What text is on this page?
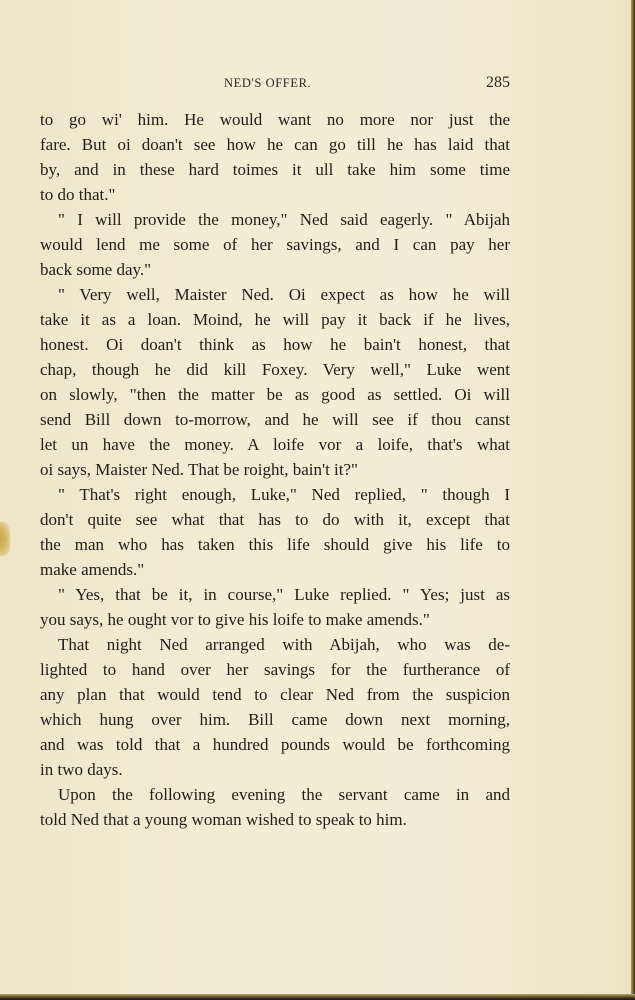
NED'S OFFER.	285
to go wi' him. He would want no more nor just the
fare. But oi doan't see how he can go till he has laid that
by, and in these hard toimes it ull take him some time
to do that."
" I will provide the money," Ned said eagerly. " Abijah
would lend me some of her savings, and I can pay her
back some day."
" Very well, Maister Ned. Oi expect as how he will
take it as a loan. Moind, he will pay it back if he lives,
honest. Oi doan't think as how he bain't honest, that
chap, though he did kill Foxey. Very well," Luke went
on slowly, "then the matter be as good as settled. Oi will
send Bill down to-morrow, and he will see if thou canst
let un have the money. A loife vor a loife, that's what
oi says, Maister Ned. That be roight, bain't it?"
" That's right enough, Luke," Ned replied, " though I
don't quite see what that has to do with it, except that
the man who has taken this life should give his life to
make amends."
" Yes, that be it, in course," Luke replied. " Yes; just as
you says, he ought vor to give his loife to make amends."
That night Ned arranged with Abijah, who was de-
lighted to hand over her savings for the furtherance of
any plan that would tend to clear Ned from the suspicion
which hung over him. Bill came down next morning,
and was told that a hundred pounds would be forthcoming
in two days.
Upon the following evening the servant came in and
told Ned that a young woman wished to speak to him.
